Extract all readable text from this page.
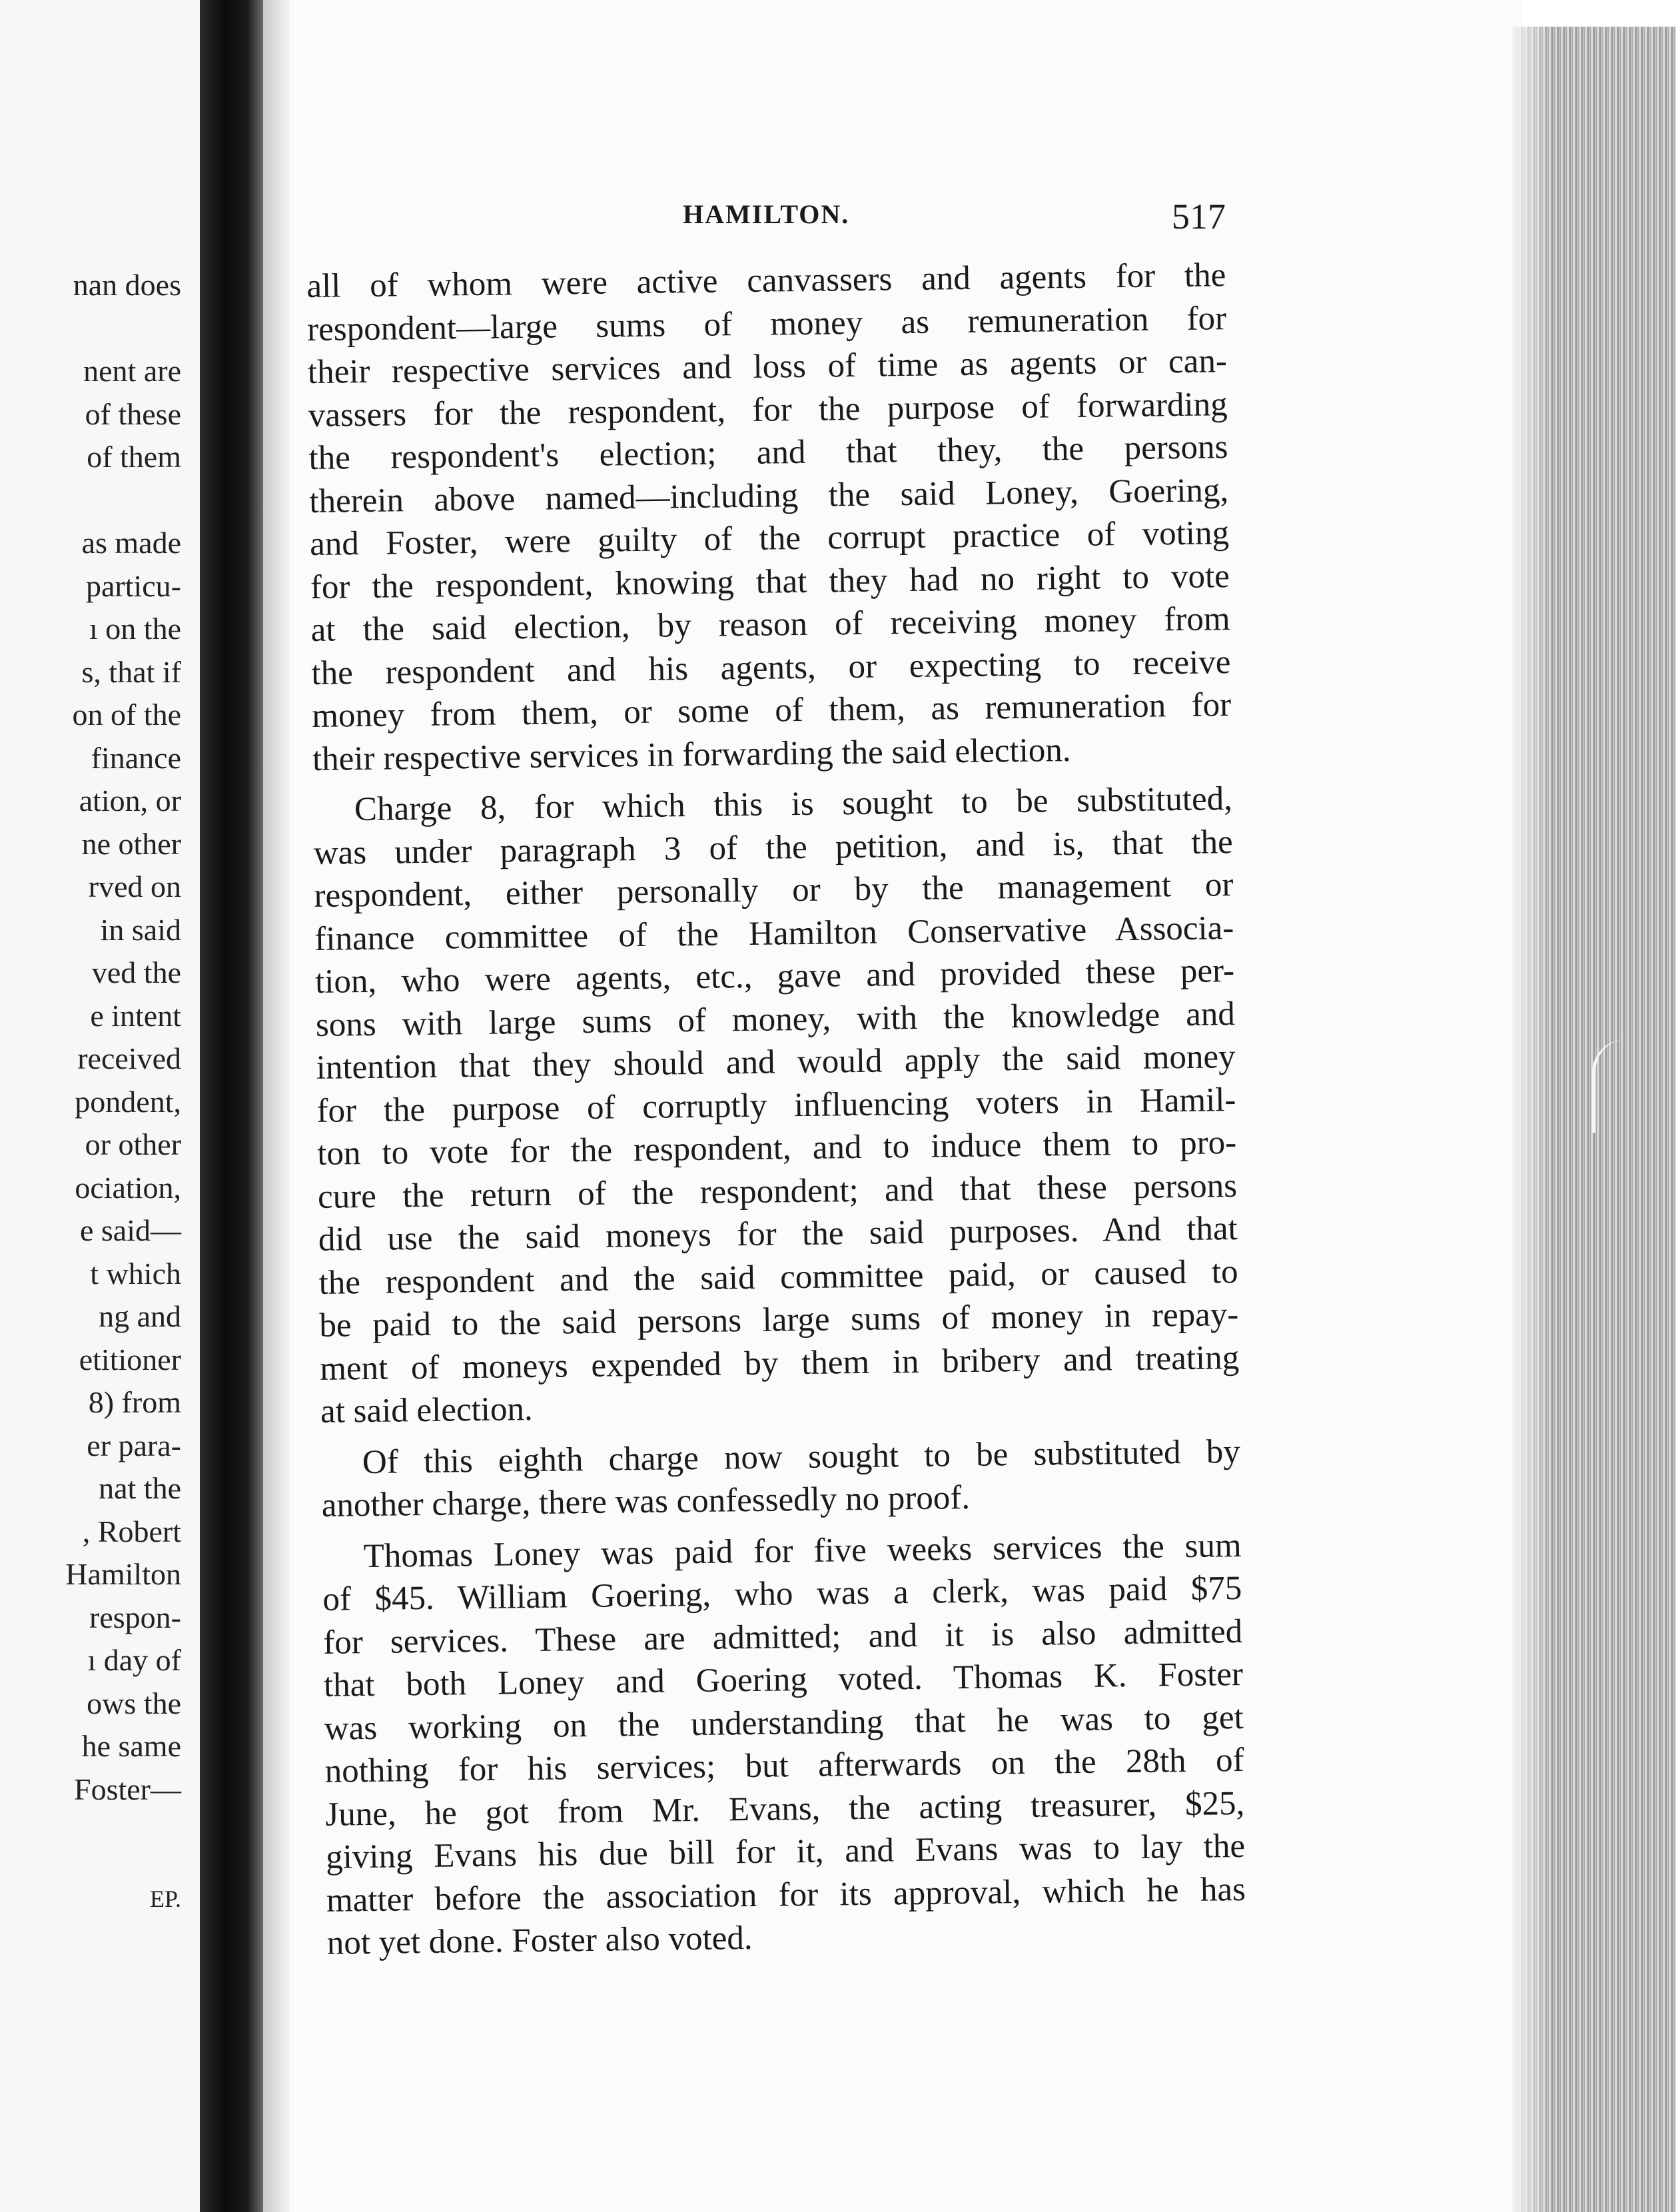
nan does
nent are
of these
of them
as made
particu-
ı on the
s, that if
on of the
finance
ation, or
ne other
rved on
in said
ved the
e intent
received
pondent,
or other
ociation,
e said—
t which
ng and
etitioner
8) from
er para-
nat the
, Robert
Hamilton
respon-
ı day of
ows the
he same
Foster—
EP.
HAMILTON.	517
all of whom were active canvassers and agents for the
respondent—large sums of money as remuneration for
their respective services and loss of time as agents or can-
vassers for the respondent, for the purpose of forwarding
the respondent's election; and that they, the persons
therein above named—including the said Loney, Goering,
and Foster, were guilty of the corrupt practice of voting
for the respondent, knowing that they had no right to vote
at the said election, by reason of receiving money from
the respondent and his agents, or expecting to receive
money from them, or some of them, as remuneration for
their respective services in forwarding the said election.
Charge 8, for which this is sought to be substituted,
was under paragraph 3 of the petition, and is, that the
respondent, either personally or by the management or
finance committee of the Hamilton Conservative Associa-
tion, who were agents, etc., gave and provided these per-
sons with large sums of money, with the knowledge and
intention that they should and would apply the said money
for the purpose of corruptly influencing voters in Hamil-
ton to vote for the respondent, and to induce them to pro-
cure the return of the respondent; and that these persons
did use the said moneys for the said purposes. And that
the respondent and the said committee paid, or caused to
be paid to the said persons large sums of money in repay-
ment of moneys expended by them in bribery and treating
at said election.
Of this eighth charge now sought to be substituted by
another charge, there was confessedly no proof.
Thomas Loney was paid for five weeks services the sum
of $45. William Goering, who was a clerk, was paid $75
for services. These are admitted; and it is also admitted
that both Loney and Goering voted. Thomas K. Foster
was working on the understanding that he was to get
nothing for his services; but afterwards on the 28th of
June, he got from Mr. Evans, the acting treasurer, $25,
giving Evans his due bill for it, and Evans was to lay the
matter before the association for its approval, which he has
not yet done. Foster also voted.
